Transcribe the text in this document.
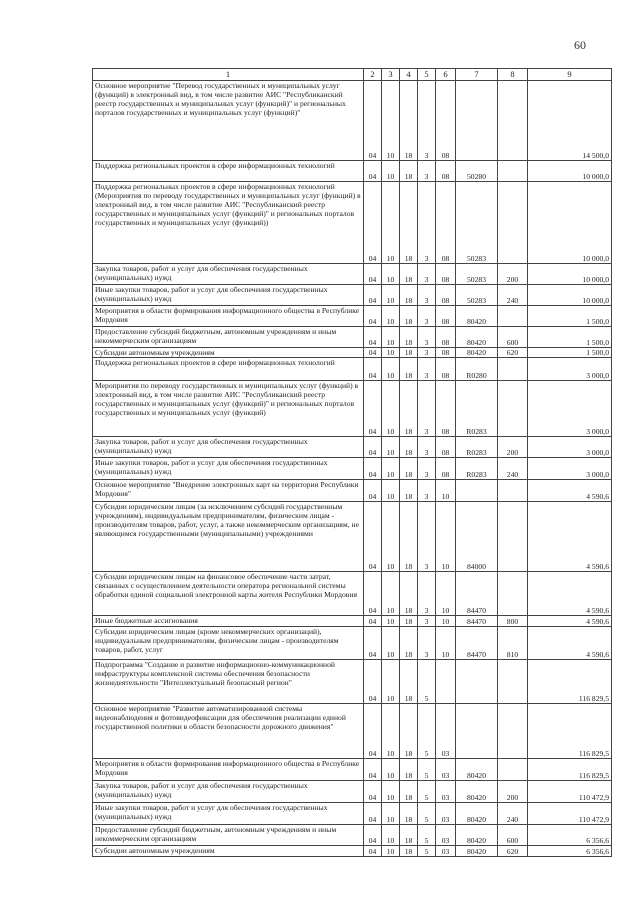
60
1	2	3	4	5	6	7	8	9
Основное мероприятие "Перевод государственных и муниципальных услуг (функций) в электронный вид, в том числе развитие АИС "Республиканский реестр государственных и муниципальных услуг (функций)" и региональных порталов государственных и муниципальных услуг (функций)"	04	10	18	3	08			14 500,0
Поддержка региональных проектов в сфере информационных технологий	04	10	18	3	08	50280		10 000,0
Поддержка региональных проектов в сфере информационных технологий (Мероприятия по переводу государственных и муниципальных услуг (функций) в электронный вид, в том числе развитие АИС "Республиканский реестр государственных и муниципальных услуг (функций)" и региональных порталов государственных и муниципальных услуг (функций))	04	10	18	3	08	50283		10 000,0
Закупка товаров, работ и услуг для обеспечения государственных (муниципальных) нужд	04	10	18	3	08	50283	200	10 000,0
Иные закупки товаров, работ и услуг для обеспечения государственных (муниципальных) нужд	04	10	18	3	08	50283	240	10 000,0
Мероприятия в области формирования информационного общества в Республике Мордовия	04	10	18	3	08	80420		1 500,0
Предоставление субсидий бюджетным, автономным учреждениям и иным некоммерческим организациям	04	10	18	3	08	80420	600	1 500,0
Субсидии автономным учреждениям	04	10	18	3	08	80420	620	1 500,0
Поддержка региональных проектов в сфере информационных технологий	04	10	18	3	08	R0280		3 000,0
Мероприятия по переводу государственных и муниципальных услуг (функций) в электронный вид, в том числе развитие АИС "Республиканский реестр государственных и муниципальных услуг (функций)" и региональных порталов государственных и муниципальных услуг (функций)	04	10	18	3	08	R0283		3 000,0
Закупка товаров, работ и услуг для обеспечения государственных (муниципальных) нужд	04	10	18	3	08	R0283	200	3 000,0
Иные закупки товаров, работ и услуг для обеспечения государственных (муниципальных) нужд	04	10	18	3	08	R0283	240	3 000,0
Основное мероприятие "Внедрение электронных карт на территории Республики Мордовия"	04	10	18	3	10			4 590,6
Субсидии юридическим лицам (за исключением субсидий государственным учреждениям), индивидуальным предпринимателям, физическим лицам - производителям товаров, работ, услуг, а также некоммерческим организациям, не являющимся государственными (муниципальными) учреждениями	04	10	18	3	10	84000		4 590,6
Субсидии юридическим лицам на финансовое обеспечение части затрат, связанных с осуществлением деятельности оператора региональной системы обработки единой социальной электронной карты жителя Республики Мордовия	04	10	18	3	10	84470		4 590,6
Иные бюджетные ассигнования	04	10	18	3	10	84470	800	4 590,6
Субсидии юридическим лицам (кроме некоммерческих организаций), индивидуальным предпринимателям, физическим лицам - производителям товаров, работ, услуг	04	10	18	3	10	84470	810	4 590,6
Подпрограмма "Создание и развитие информационно-коммуникационной инфраструктуры комплексной системы обеспечения безопасности жизнедеятельности "Интеллектуальный безопасный регион"	04	10	18	5				116 829,5
Основное мероприятие "Развитие автоматизированной системы видеонаблюдения и фотовидеофиксации для обеспечения реализации единой государственной политики в области безопасности дорожного движения"	04	10	18	5	03			116 829,5
Мероприятия в области формирования информационного общества в Республике Мордовия	04	10	18	5	03	80420		116 829,5
Закупка товаров, работ и услуг для обеспечения государственных (муниципальных) нужд	04	10	18	5	03	80420	200	110 472,9
Иные закупки товаров, работ и услуг для обеспечения государственных (муниципальных) нужд	04	10	18	5	03	80420	240	110 472,9
Предоставление субсидий бюджетным, автономным учреждениям и иным некоммерческим организациям	04	10	18	5	03	80420	600	6 356,6
Субсидии автономным учреждениям	04	10	18	5	03	80420	620	6 356,6
